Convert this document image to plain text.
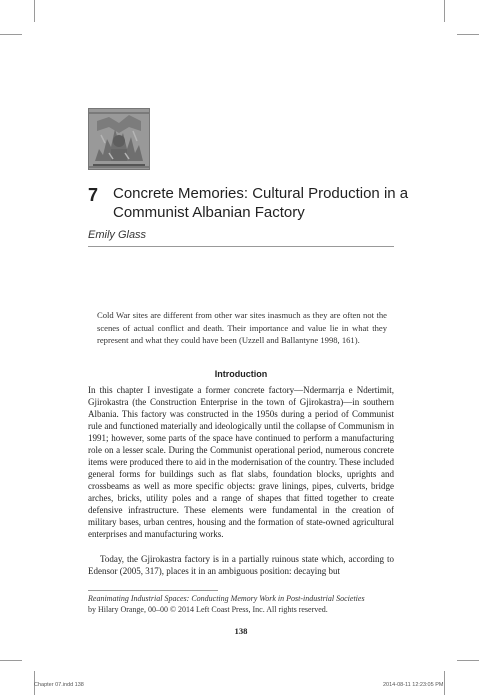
7 Concrete Memories: Cultural Production in a Communist Albanian Factory
Emily Glass

Cold War sites are different from other war sites inasmuch as they are often not the scenes of actual conflict and death. Their importance and value lie in what they represent and what they could have been (Uzzell and Ballantyne 1998, 161).

Introduction

In this chapter I investigate a former concrete factory—Ndermarrja e Ndertimit, Gjirokastra (the Construction Enterprise in the town of Gjirokastra)—in southern Albania. This factory was constructed in the 1950s during a period of Communist rule and functioned materially and ideologically until the collapse of Communism in 1991; however, some parts of the space have continued to perform a manufacturing role on a lesser scale. During the Communist operational period, numerous concrete items were produced there to aid in the modernisation of the country. These included general forms for buildings such as flat slabs, foundation blocks, uprights and crossbeams as well as more specific objects: grave linings, pipes, culverts, bridge arches, bricks, utility poles and a range of shapes that fitted together to create defensive infrastructure. These elements were fundamental in the creation of military bases, urban centres, housing and the formation of state-owned agricultural enterprises and manufacturing works.

Today, the Gjirokastra factory is in a partially ruinous state which, according to Edensor (2005, 317), places it in an ambiguous position: decaying but

Reanimating Industrial Spaces: Conducting Memory Work in Post-industrial Societies
by Hilary Orange, 00–00 © 2014 Left Coast Press, Inc. All rights reserved.
138
Chapter 07.indd 138	2014-08-11 12:23:05 PM
